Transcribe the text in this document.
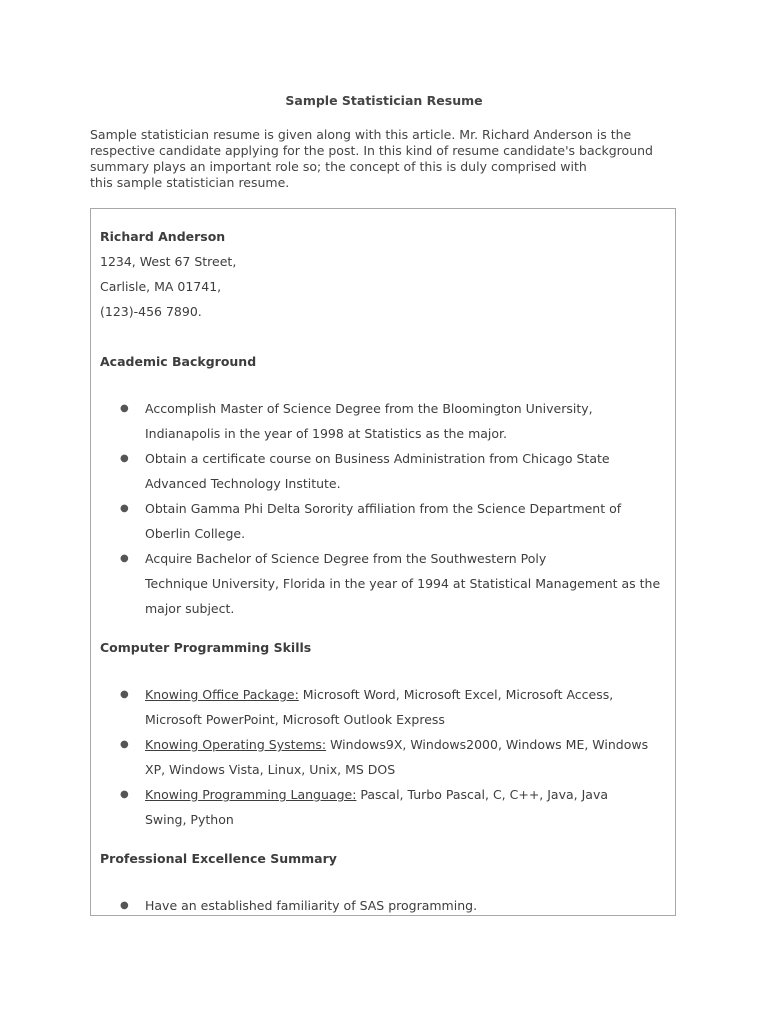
Sample Statistician Resume
Sample statistician resume is given along with this article. Mr. Richard Anderson is the
respective candidate applying for the post. In this kind of resume candidate's background
summary plays an important role so; the concept of this is duly comprised with
this sample statistician resume.
Richard Anderson
1234, West 67 Street,
Carlisle, MA 01741,
(123)-456 7890.
Academic Background
● Accomplish Master of Science Degree from the Bloomington University,
Indianapolis in the year of 1998 at Statistics as the major.
● Obtain a certificate course on Business Administration from Chicago State
Advanced Technology Institute.
● Obtain Gamma Phi Delta Sorority affiliation from the Science Department of
Oberlin College.
● Acquire Bachelor of Science Degree from the Southwestern Poly
Technique University, Florida in the year of 1994 at Statistical Management as the
major subject.
Computer Programming Skills
● Knowing Office Package: Microsoft Word, Microsoft Excel, Microsoft Access,
Microsoft PowerPoint, Microsoft Outlook Express
● Knowing Operating Systems: Windows9X, Windows2000, Windows ME, Windows
XP, Windows Vista, Linux, Unix, MS DOS
● Knowing Programming Language: Pascal, Turbo Pascal, C, C++, Java, Java
Swing, Python
Professional Excellence Summary
● Have an established familiarity of SAS programming.
